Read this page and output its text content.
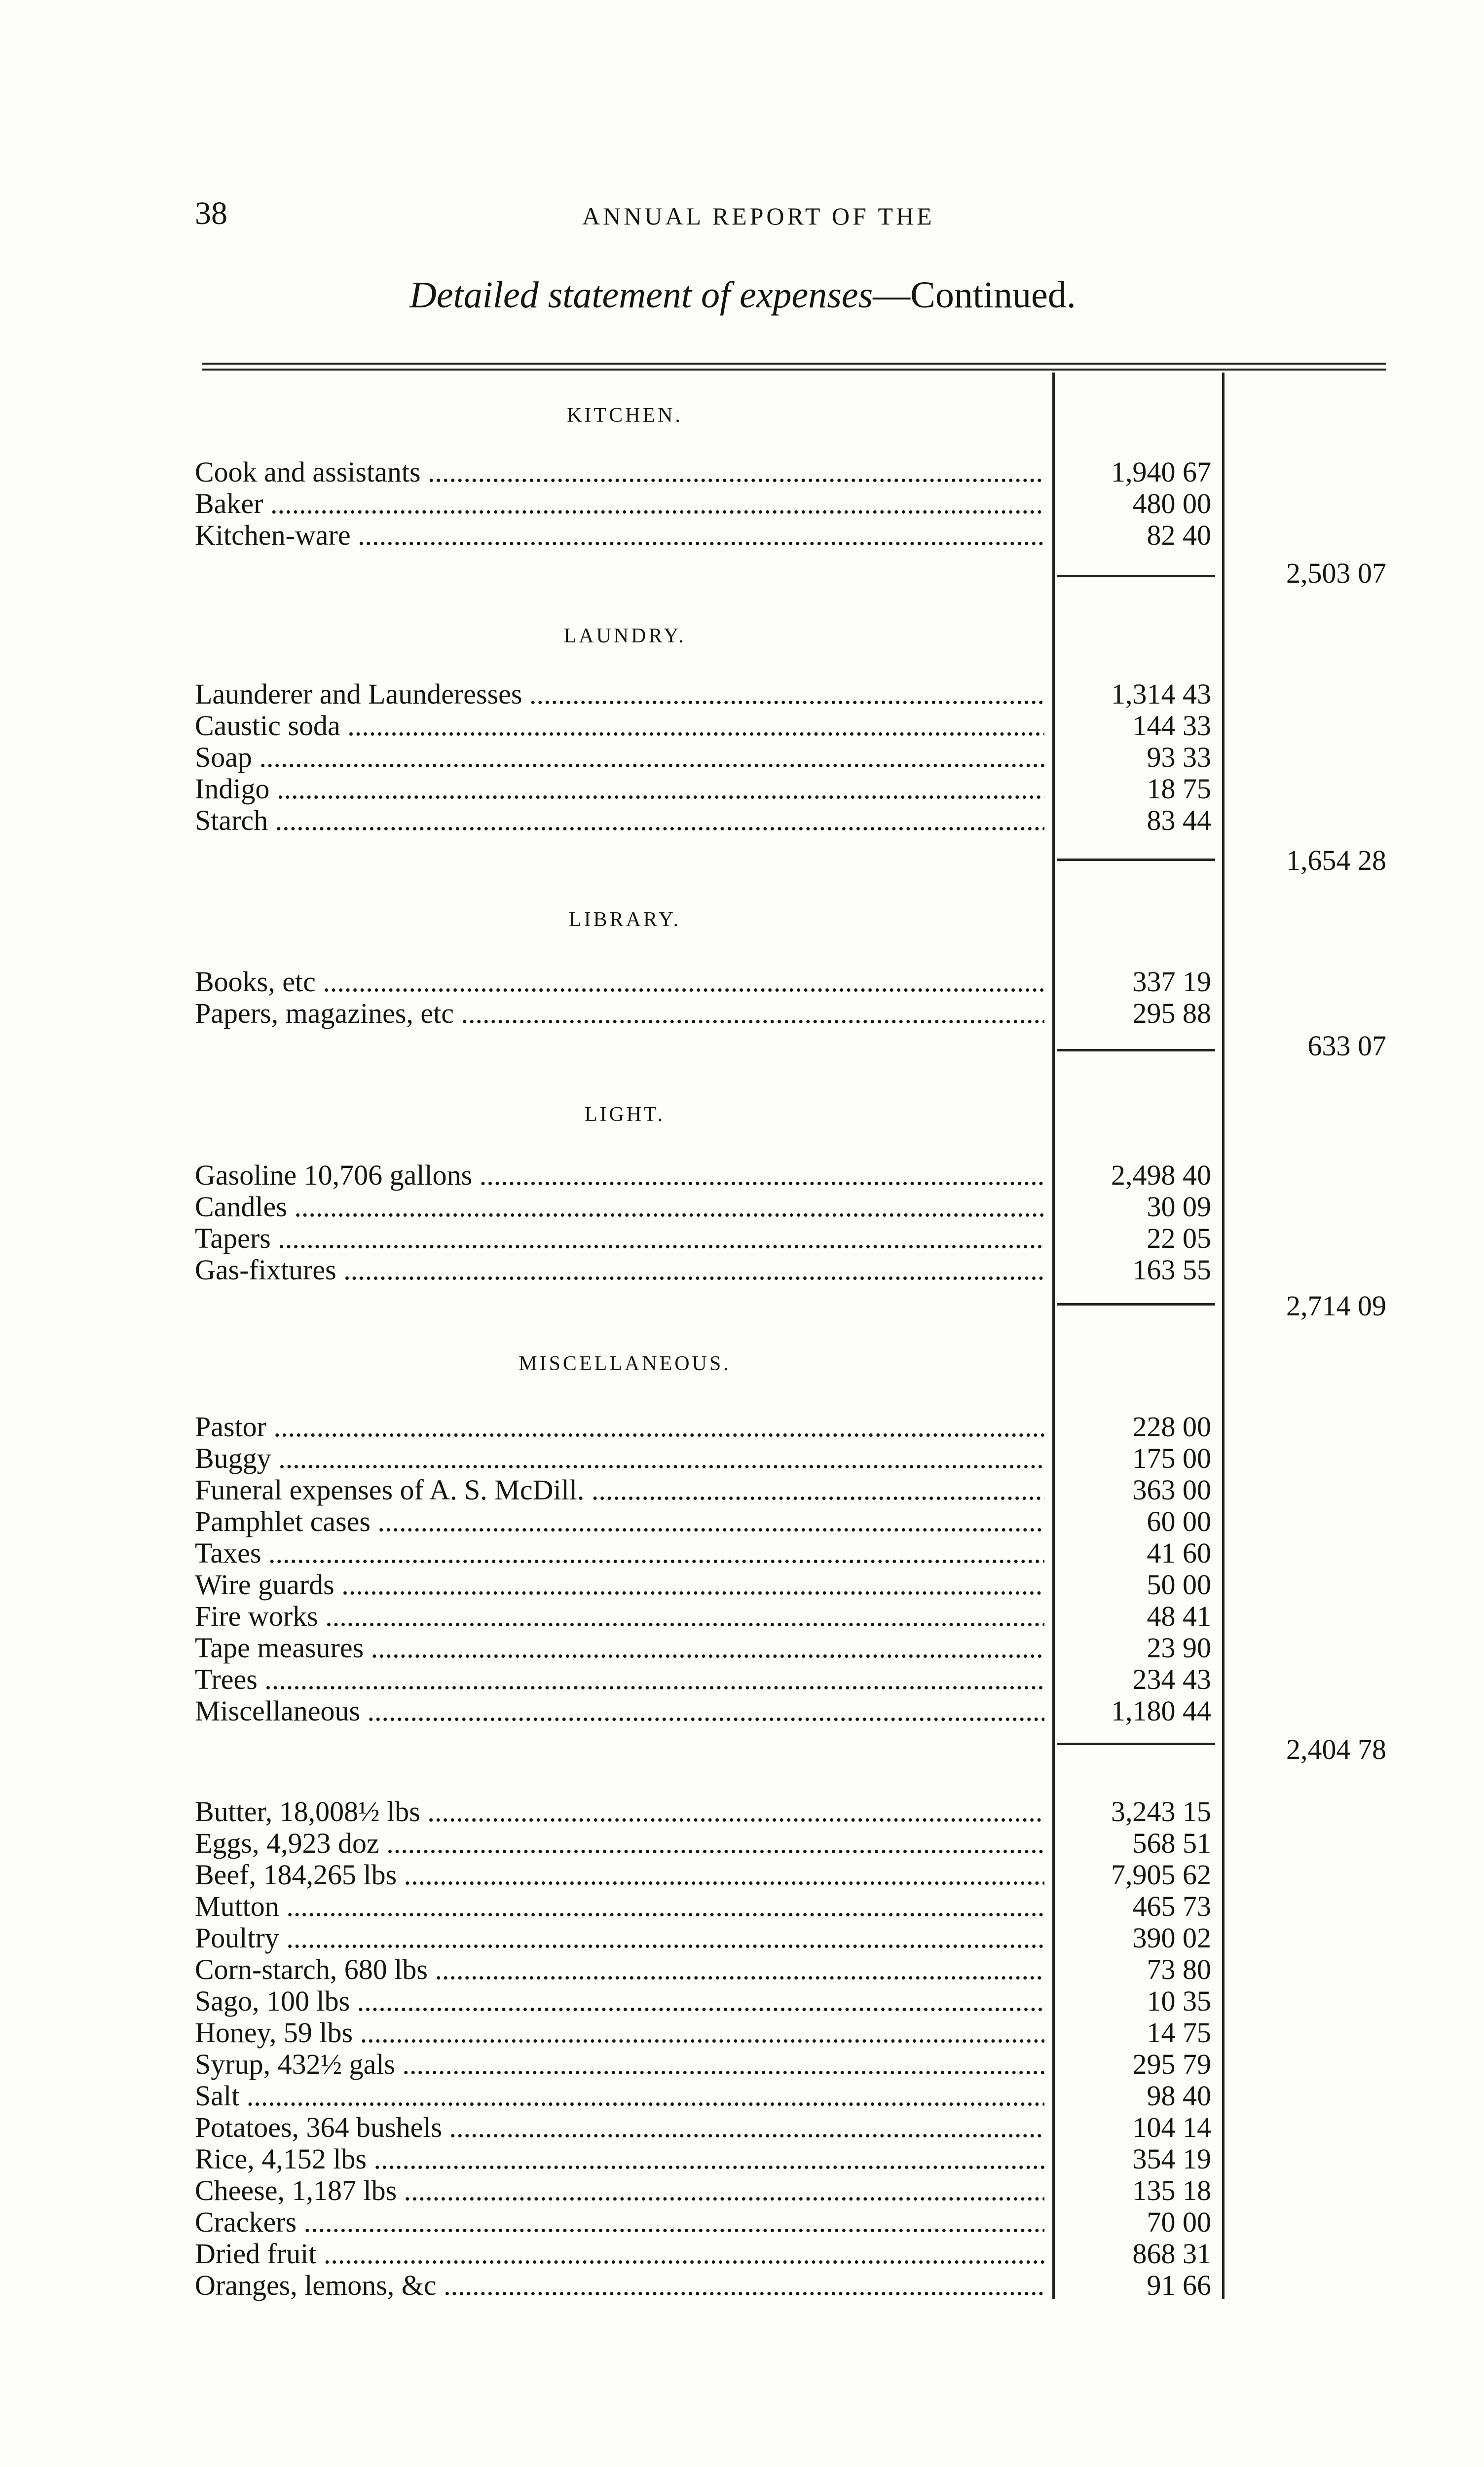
38	ANNUAL REPORT OF THE
Detailed statement of expenses—Continued.
KITCHEN.
Cook and assistants .....	1,940 67
Baker .....	480 00
Kitchen-ware .....	82 40
2,503 07
LAUNDRY.
Launderer and Launderesses .....	1,314 43
Caustic soda .....	144 33
Soap .....	93 33
Indigo .....	18 75
Starch .....	83 44
1,654 28
LIBRARY.
Books, etc .....	337 19
Papers, magazines, etc .....	295 88
633 07
LIGHT.
Gasoline 10,706 gallons .....	2,498 40
Candles .....	30 09
Tapers .....	22 05
Gas-fixtures .....	163 55
2,714 09
MISCELLANEOUS.
Pastor .....	228 00
Buggy .....	175 00
Funeral expenses of A. S. McDill. .....	363 00
Pamphlet cases .....	60 00
Taxes .....	41 60
Wire guards .....	50 00
Fire works .....	48 41
Tape measures .....	23 90
Trees .....	234 43
Miscellaneous .....	1,180 44
2,404 78
Butter, 18,008½ lbs .....	3,243 15
Eggs, 4,923 doz .....	568 51
Beef, 184,265 lbs .....	7,905 62
Mutton .....	465 73
Poultry .....	390 02
Corn-starch, 680 lbs .....	73 80
Sago, 100 lbs .....	10 35
Honey, 59 lbs .....	14 75
Syrup, 432½ gals .....	295 79
Salt .....	98 40
Potatoes, 364 bushels .....	104 14
Rice, 4,152 lbs .....	354 19
Cheese, 1,187 lbs .....	135 18
Crackers .....	70 00
Dried fruit .....	868 31
Oranges, lemons, &c .....	91 66
